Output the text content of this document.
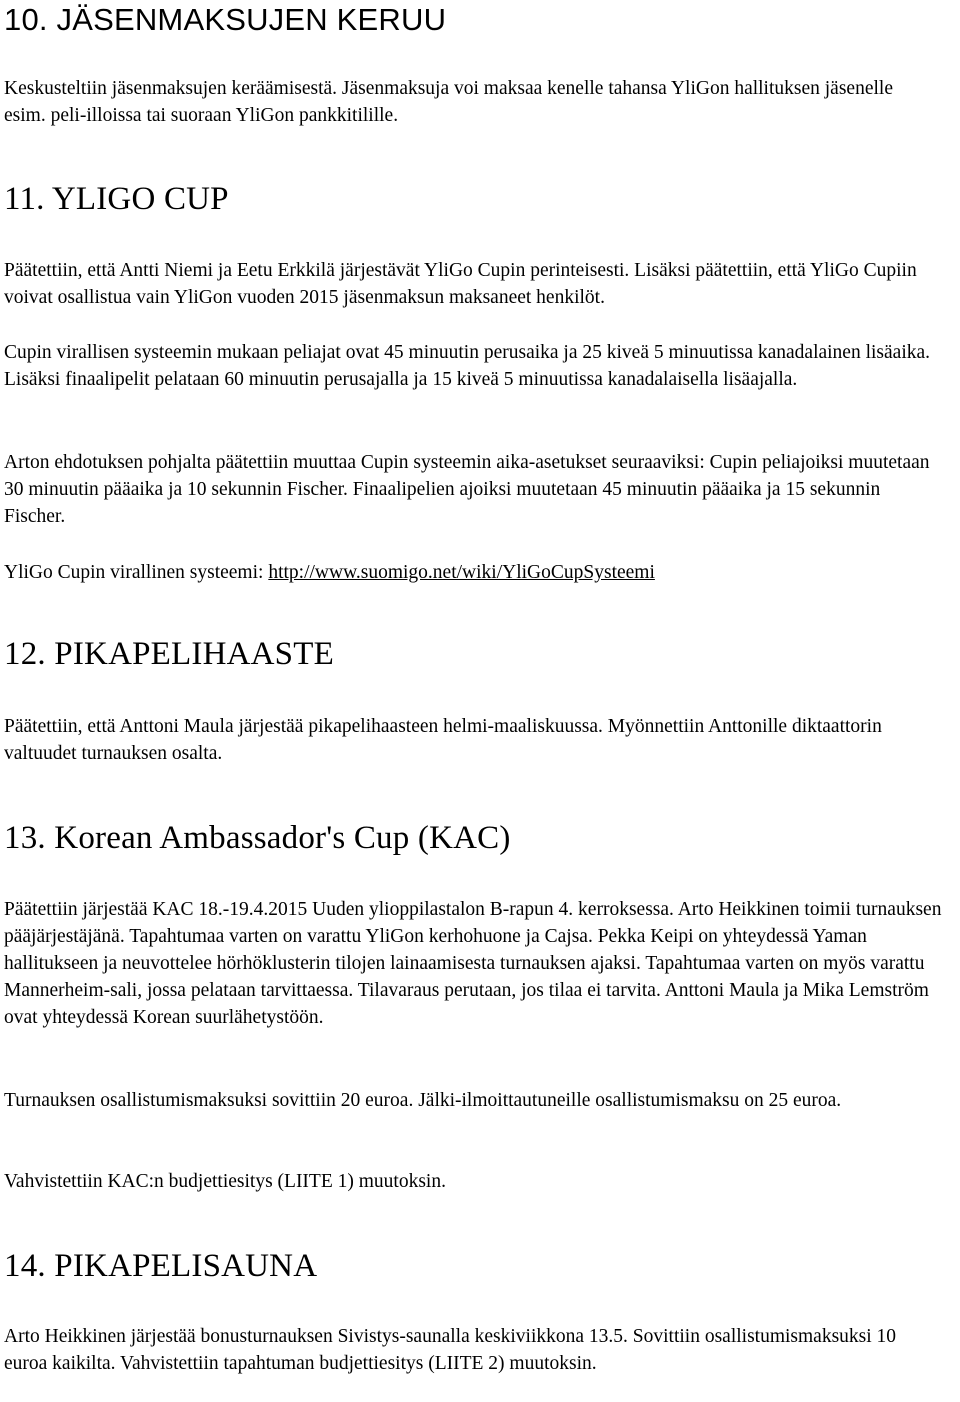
10. JÄSENMAKSUJEN KERUU

Keskusteltiin jäsenmaksujen keräämisestä. Jäsenmaksuja voi maksaa kenelle tahansa YliGon hallituksen jäsenelle esim. peli-illoissa tai suoraan YliGon pankkitilille.

11. YLIGO CUP

Päätettiin, että Antti Niemi ja Eetu Erkkilä järjestävät YliGo Cupin perinteisesti. Lisäksi päätettiin, että YliGo Cupiin voivat osallistua vain YliGon vuoden 2015 jäsenmaksun maksaneet henkilöt.

Cupin virallisen systeemin mukaan peliajat ovat 45 minuutin perusaika ja 25 kiveä 5 minuutissa kanadalainen lisäaika. Lisäksi finaalipelit pelataan 60 minuutin perusajalla ja 15 kiveä 5 minuutissa kanadalaisella lisäajalla.

Arton ehdotuksen pohjalta päätettiin muuttaa Cupin systeemin aika-asetukset seuraaviksi: Cupin peliajoiksi muutetaan 30 minuutin pääaika ja 10 sekunnin Fischer. Finaalipelien ajoiksi muutetaan 45 minuutin pääaika ja 15 sekunnin Fischer.

YliGo Cupin virallinen systeemi: http://www.suomigo.net/wiki/YliGoCupSysteemi

12. PIKAPELIHAASTE

Päätettiin, että Anttoni Maula järjestää pikapelihaasteen helmi-maaliskuussa. Myönnettiin Anttonille diktaattorin valtuudet turnauksen osalta.

13. Korean Ambassador's Cup (KAC)

Päätettiin järjestää KAC 18.-19.4.2015 Uuden ylioppilastalon B-rapun 4. kerroksessa. Arto Heikkinen toimii turnauksen pääjärjestäjänä. Tapahtumaa varten on varattu YliGon kerhohuone ja Cajsa. Pekka Keipi on yhteydessä Yaman hallitukseen ja neuvottelee hörhöklusterin tilojen lainaamisesta turnauksen ajaksi. Tapahtumaa varten on myös varattu Mannerheim-sali, jossa pelataan tarvittaessa. Tilavaraus perutaan, jos tilaa ei tarvita. Anttoni Maula ja Mika Lemström ovat yhteydessä Korean suurlähetystöön.

Turnauksen osallistumismaksuksi sovittiin 20 euroa. Jälki-ilmoittautuneille osallistumismaksu on 25 euroa.

Vahvistettiin KAC:n budjettiesitys (LIITE 1) muutoksin.

14. PIKAPELISAUNA

Arto Heikkinen järjestää bonusturnauksen Sivistys-saunalla keskiviikkona 13.5. Sovittiin osallistumismaksuksi 10 euroa kaikilta. Vahvistettiin tapahtuman budjettiesitys (LIITE 2) muutoksin.
